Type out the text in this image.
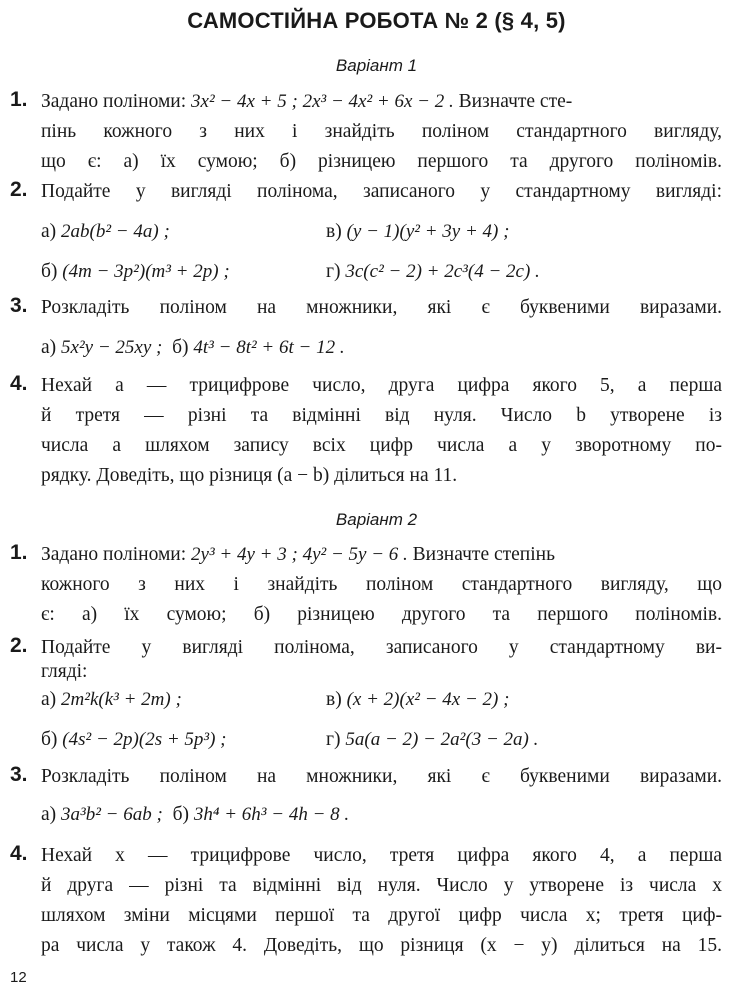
САМОСТІЙНА РОБОТА № 2 (§ 4, 5)
Варіант 1
1. Задано поліноми: 3x² − 4x + 5 ; 2x³ − 4x² + 6x − 2 . Визначте сте-
пінь кожного з них і знайдіть поліном стандартного вигляду,
що є: а) їх сумою; б) різницею першого та другого поліномів.
2. Подайте у вигляді полінома, записаного у стандартному вигляді:
а) 2ab(b² − 4a) ;	в) (y − 1)(y² + 3y + 4) ;
б) (4m − 3p²)(m³ + 2p) ;	г) 3c(c² − 2) + 2c³(4 − 2c) .
3. Розкладіть поліном на множники, які є буквеними виразами.
а) 5x²y − 25xy ; б) 4t³ − 8t² + 6t − 12 .
4. Нехай a — трицифрове число, друга цифра якого 5, а перша
й третя — різні та відмінні від нуля. Число b утворене із
числа a шляхом запису всіх цифр числа a у зворотному по-
рядку. Доведіть, що різниця (a − b) ділиться на 11.
Варіант 2
1. Задано поліноми: 2y³ + 4y + 3 ; 4y² − 5y − 6 . Визначте степінь
кожного з них і знайдіть поліном стандартного вигляду, що
є: а) їх сумою; б) різницею другого та першого поліномів.
2. Подайте у вигляді полінома, записаного у стандартному ви-
гляді:
а) 2m²k(k³ + 2m) ;	в) (x + 2)(x² − 4x − 2) ;
б) (4s² − 2p)(2s + 5p³) ;	г) 5a(a − 2) − 2a²(3 − 2a) .
3. Розкладіть поліном на множники, які є буквеними виразами.
а) 3a³b² − 6ab ; б) 3h⁴ + 6h³ − 4h − 8 .
4. Нехай x — трицифрове число, третя цифра якого 4, а перша
й друга — різні та відмінні від нуля. Число y утворене із числа x
шляхом зміни місцями першої та другої цифр числа x; третя циф-
ра числа y також 4. Доведіть, що різниця (x − y) ділиться на 15.
12
